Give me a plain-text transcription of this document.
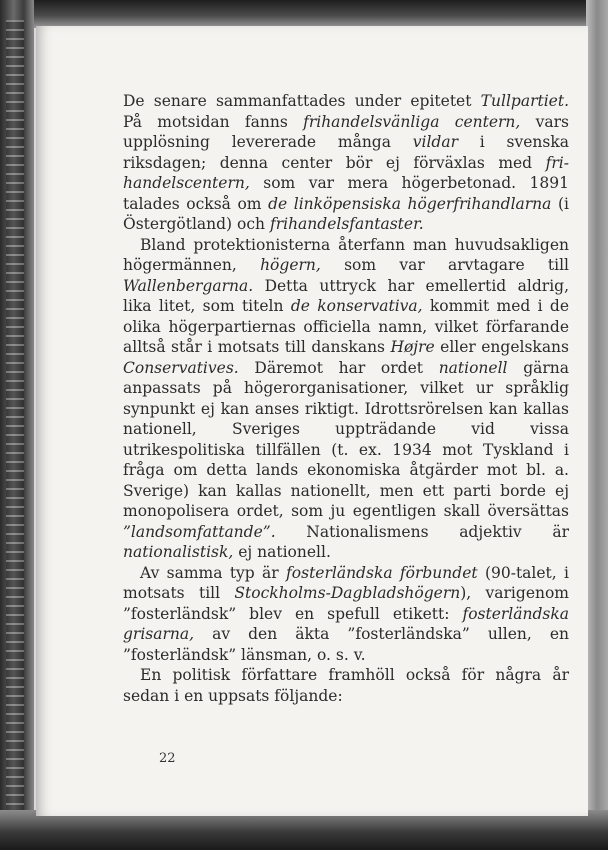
De senare sammanfattades under epitetet Tullpartiet. På motsidan fanns frihandelsvänliga centern, vars upplösning levererade många vildar i svenska riksdagen; denna center bör ej förväxlas med frihandelscentern, som var mera högerbetonad. 1891 talades också om de linköpensiska högerfrihandlarna (i Östergötland) och frihandelsfantaster.

Bland protektionisterna återfann man huvudsakligen högermännen, högern, som var arvtagare till Wallenbergarna. Detta uttryck har emellertid aldrig, lika litet, som titeln de konservativa, kommit med i de olika högerpartiernas officiella namn, vilket förfarande alltså står i motsats till danskans Højre eller engelskans Conservatives. Däremot har ordet nationell gärna anpassats på högerorganisationer, vilket ur språklig synpunkt ej kan anses riktigt. Idrottsrörelsen kan kallas nationell, Sveriges uppträdande vid vissa utrikespolitiska tillfällen (t. ex. 1934 mot Tyskland i fråga om detta lands ekonomiska åtgärder mot bl. a. Sverige) kan kallas nationellt, men ett parti borde ej monopolisera ordet, som ju egentligen skall översättas ”landsomfattande”. Nationalismens adjektiv är nationalistisk, ej nationell.

Av samma typ är fosterländska förbundet (90-talet, i motsats till Stockholms-Dagbladshögern), varigenom ”fosterländsk” blev en spefull etikett: fosterländska grisarna, av den äkta ”fosterländska” ullen, en ”fosterländsk” länsman, o. s. v.

En politisk författare framhöll också för några år sedan i en uppsats följande:

22
